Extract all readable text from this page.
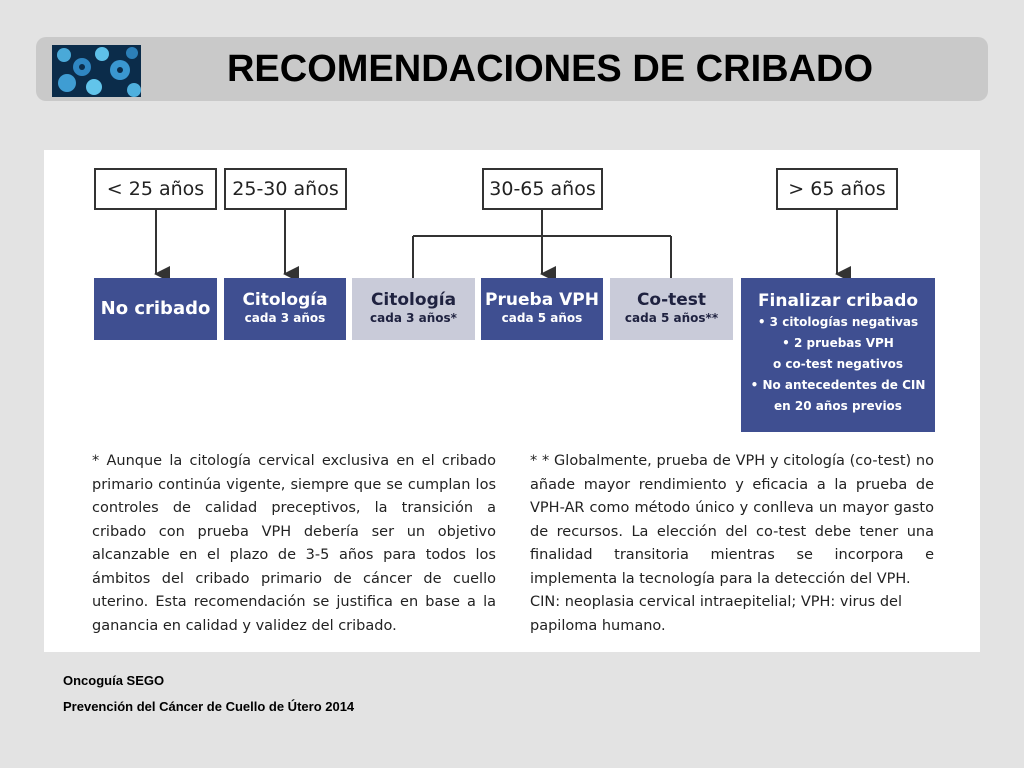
RECOMENDACIONES DE CRIBADO
< 25 años	25-30 años	30-65 años	> 65 años
No cribado	Citología
cada 3 años
Citología
cada 3 años*
Prueba VPH
cada 5 años
Co-test
cada 5 años**
Finalizar cribado
• 3 citologías negativas
• 2 pruebas VPH
o co-test negativos
• No antecedentes de CIN
en 20 años previos

* Aunque la citología cervical exclusiva en el cribado primario continúa vigente, siempre que se cumplan los controles de calidad preceptivos, la transición a cribado con prueba VPH debería ser un objetivo alcanzable en el plazo de 3-5 años para todos los ámbitos del cribado primario de cáncer de cuello uterino. Esta recomendación se justifica en base a la ganancia en calidad y validez del cribado.

* * Globalmente, prueba de VPH y citología (co-test) no añade mayor rendimiento y eficacia a la prueba de VPH-AR como método único y conlleva un mayor gasto de recursos. La elección del co-test debe tener una finalidad transitoria mientras se incorpora e implementa la tecnología para la detección del VPH.

CIN: neoplasia cervical intraepitelial; VPH: virus del papiloma humano.

Oncoguía SEGO
Prevención del Cáncer de Cuello de Útero 2014
